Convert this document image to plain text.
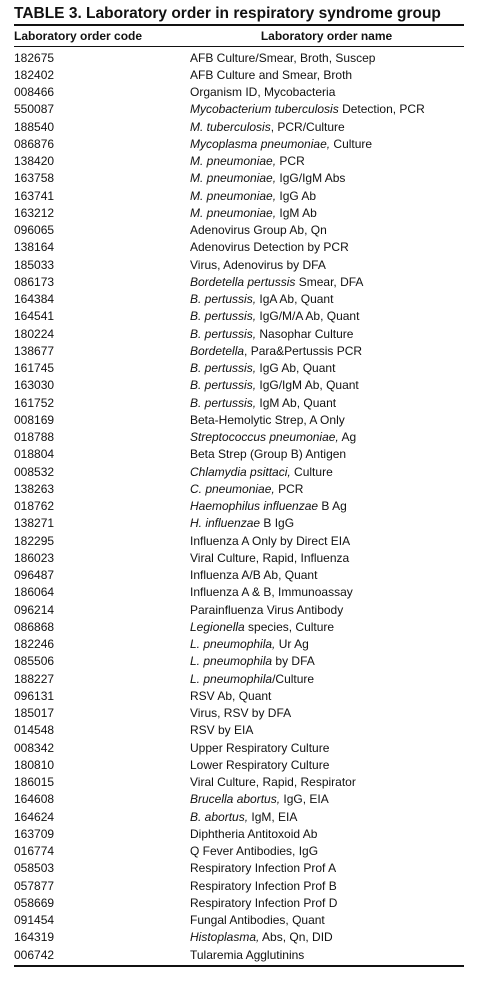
TABLE 3. Laboratory order in respiratory syndrome group
Laboratory order code	Laboratory order name
182675	AFB Culture/Smear, Broth, Suscep
182402	AFB Culture and Smear, Broth
008466	Organism ID, Mycobacteria
550087	Mycobacterium tuberculosis Detection, PCR
188540	M. tuberculosis, PCR/Culture
086876	Mycoplasma pneumoniae, Culture
138420	M. pneumoniae, PCR
163758	M. pneumoniae, IgG/IgM Abs
163741	M. pneumoniae, IgG Ab
163212	M. pneumoniae, IgM Ab
096065	Adenovirus Group Ab, Qn
138164	Adenovirus Detection by PCR
185033	Virus, Adenovirus by DFA
086173	Bordetella pertussis Smear, DFA
164384	B. pertussis, IgA Ab, Quant
164541	B. pertussis, IgG/M/A Ab, Quant
180224	B. pertussis, Nasophar Culture
138677	Bordetella, Para&Pertussis PCR
161745	B. pertussis, IgG Ab, Quant
163030	B. pertussis, IgG/IgM Ab, Quant
161752	B. pertussis, IgM Ab, Quant
008169	Beta-Hemolytic Strep, A Only
018788	Streptococcus pneumoniae, Ag
018804	Beta Strep (Group B) Antigen
008532	Chlamydia psittaci, Culture
138263	C. pneumoniae, PCR
018762	Haemophilus influenzae B Ag
138271	H. influenzae B IgG
182295	Influenza A Only by Direct EIA
186023	Viral Culture, Rapid, Influenza
096487	Influenza A/B Ab, Quant
186064	Influenza A & B, Immunoassay
096214	Parainfluenza Virus Antibody
086868	Legionella species, Culture
182246	L. pneumophila, Ur Ag
085506	L. pneumophila by DFA
188227	L. pneumophila/Culture
096131	RSV Ab, Quant
185017	Virus, RSV by DFA
014548	RSV by EIA
008342	Upper Respiratory Culture
180810	Lower Respiratory Culture
186015	Viral Culture, Rapid, Respirator
164608	Brucella abortus, IgG, EIA
164624	B. abortus, IgM, EIA
163709	Diphtheria Antitoxoid Ab
016774	Q Fever Antibodies, IgG
058503	Respiratory Infection Prof A
057877	Respiratory Infection Prof B
058669	Respiratory Infection Prof D
091454	Fungal Antibodies, Quant
164319	Histoplasma, Abs, Qn, DID
006742	Tularemia Agglutinins
